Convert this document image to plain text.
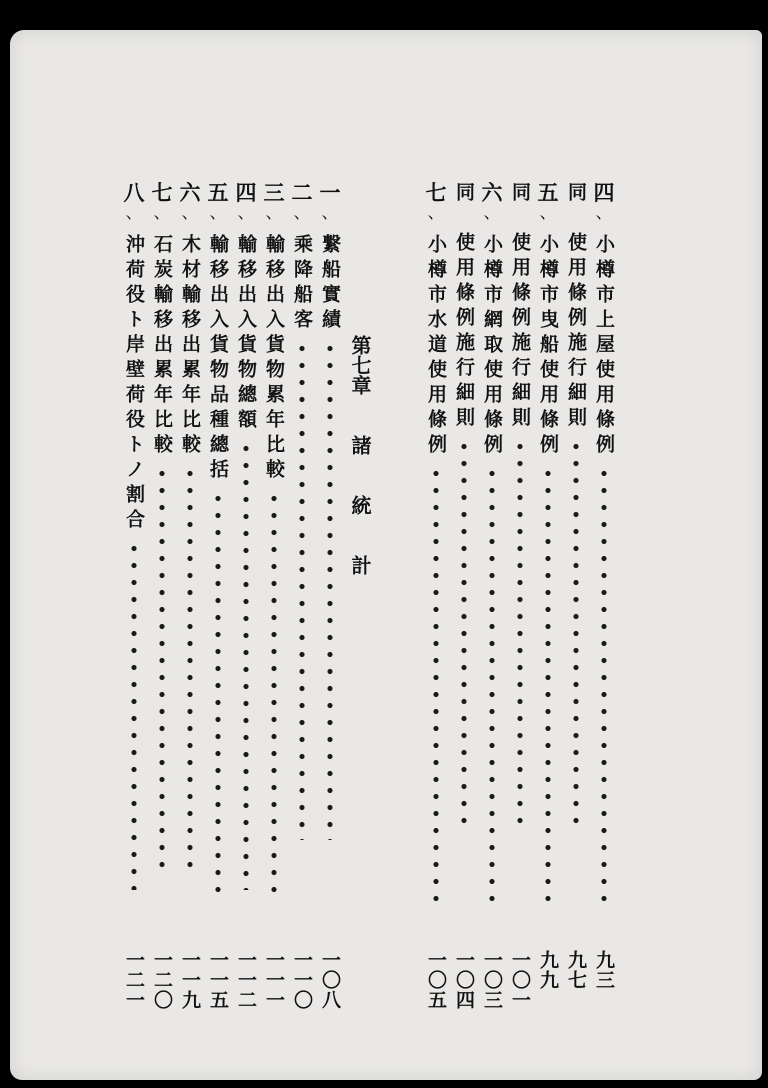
四
、
小樽市上屋使用條例
同　使用條例施行細則
五
、
小樽市曳船使用條例
同　使用條例施行細則
六
、
小樽市網取使用條例
同　使用條例施行細則
七
、
小樽市水道使用條例
第七章
諸
統
計
一
、
繋船實績
二
、
乘降船客
三
、
輸移出入貨物累年比較
四
、
輸移出入貨物總額
五
、
輸移出入貨物品種總括
六
、
木材輸移出累年比較
七
、
石炭輸移出累年比較
八
、
沖荷役ト岸壁荷役トノ割合
九三
九七
九九
一〇一
一〇三
一〇四
一〇五
一〇八
一一〇
一一一
一一二
一一五
一一九
一二〇
一二一
